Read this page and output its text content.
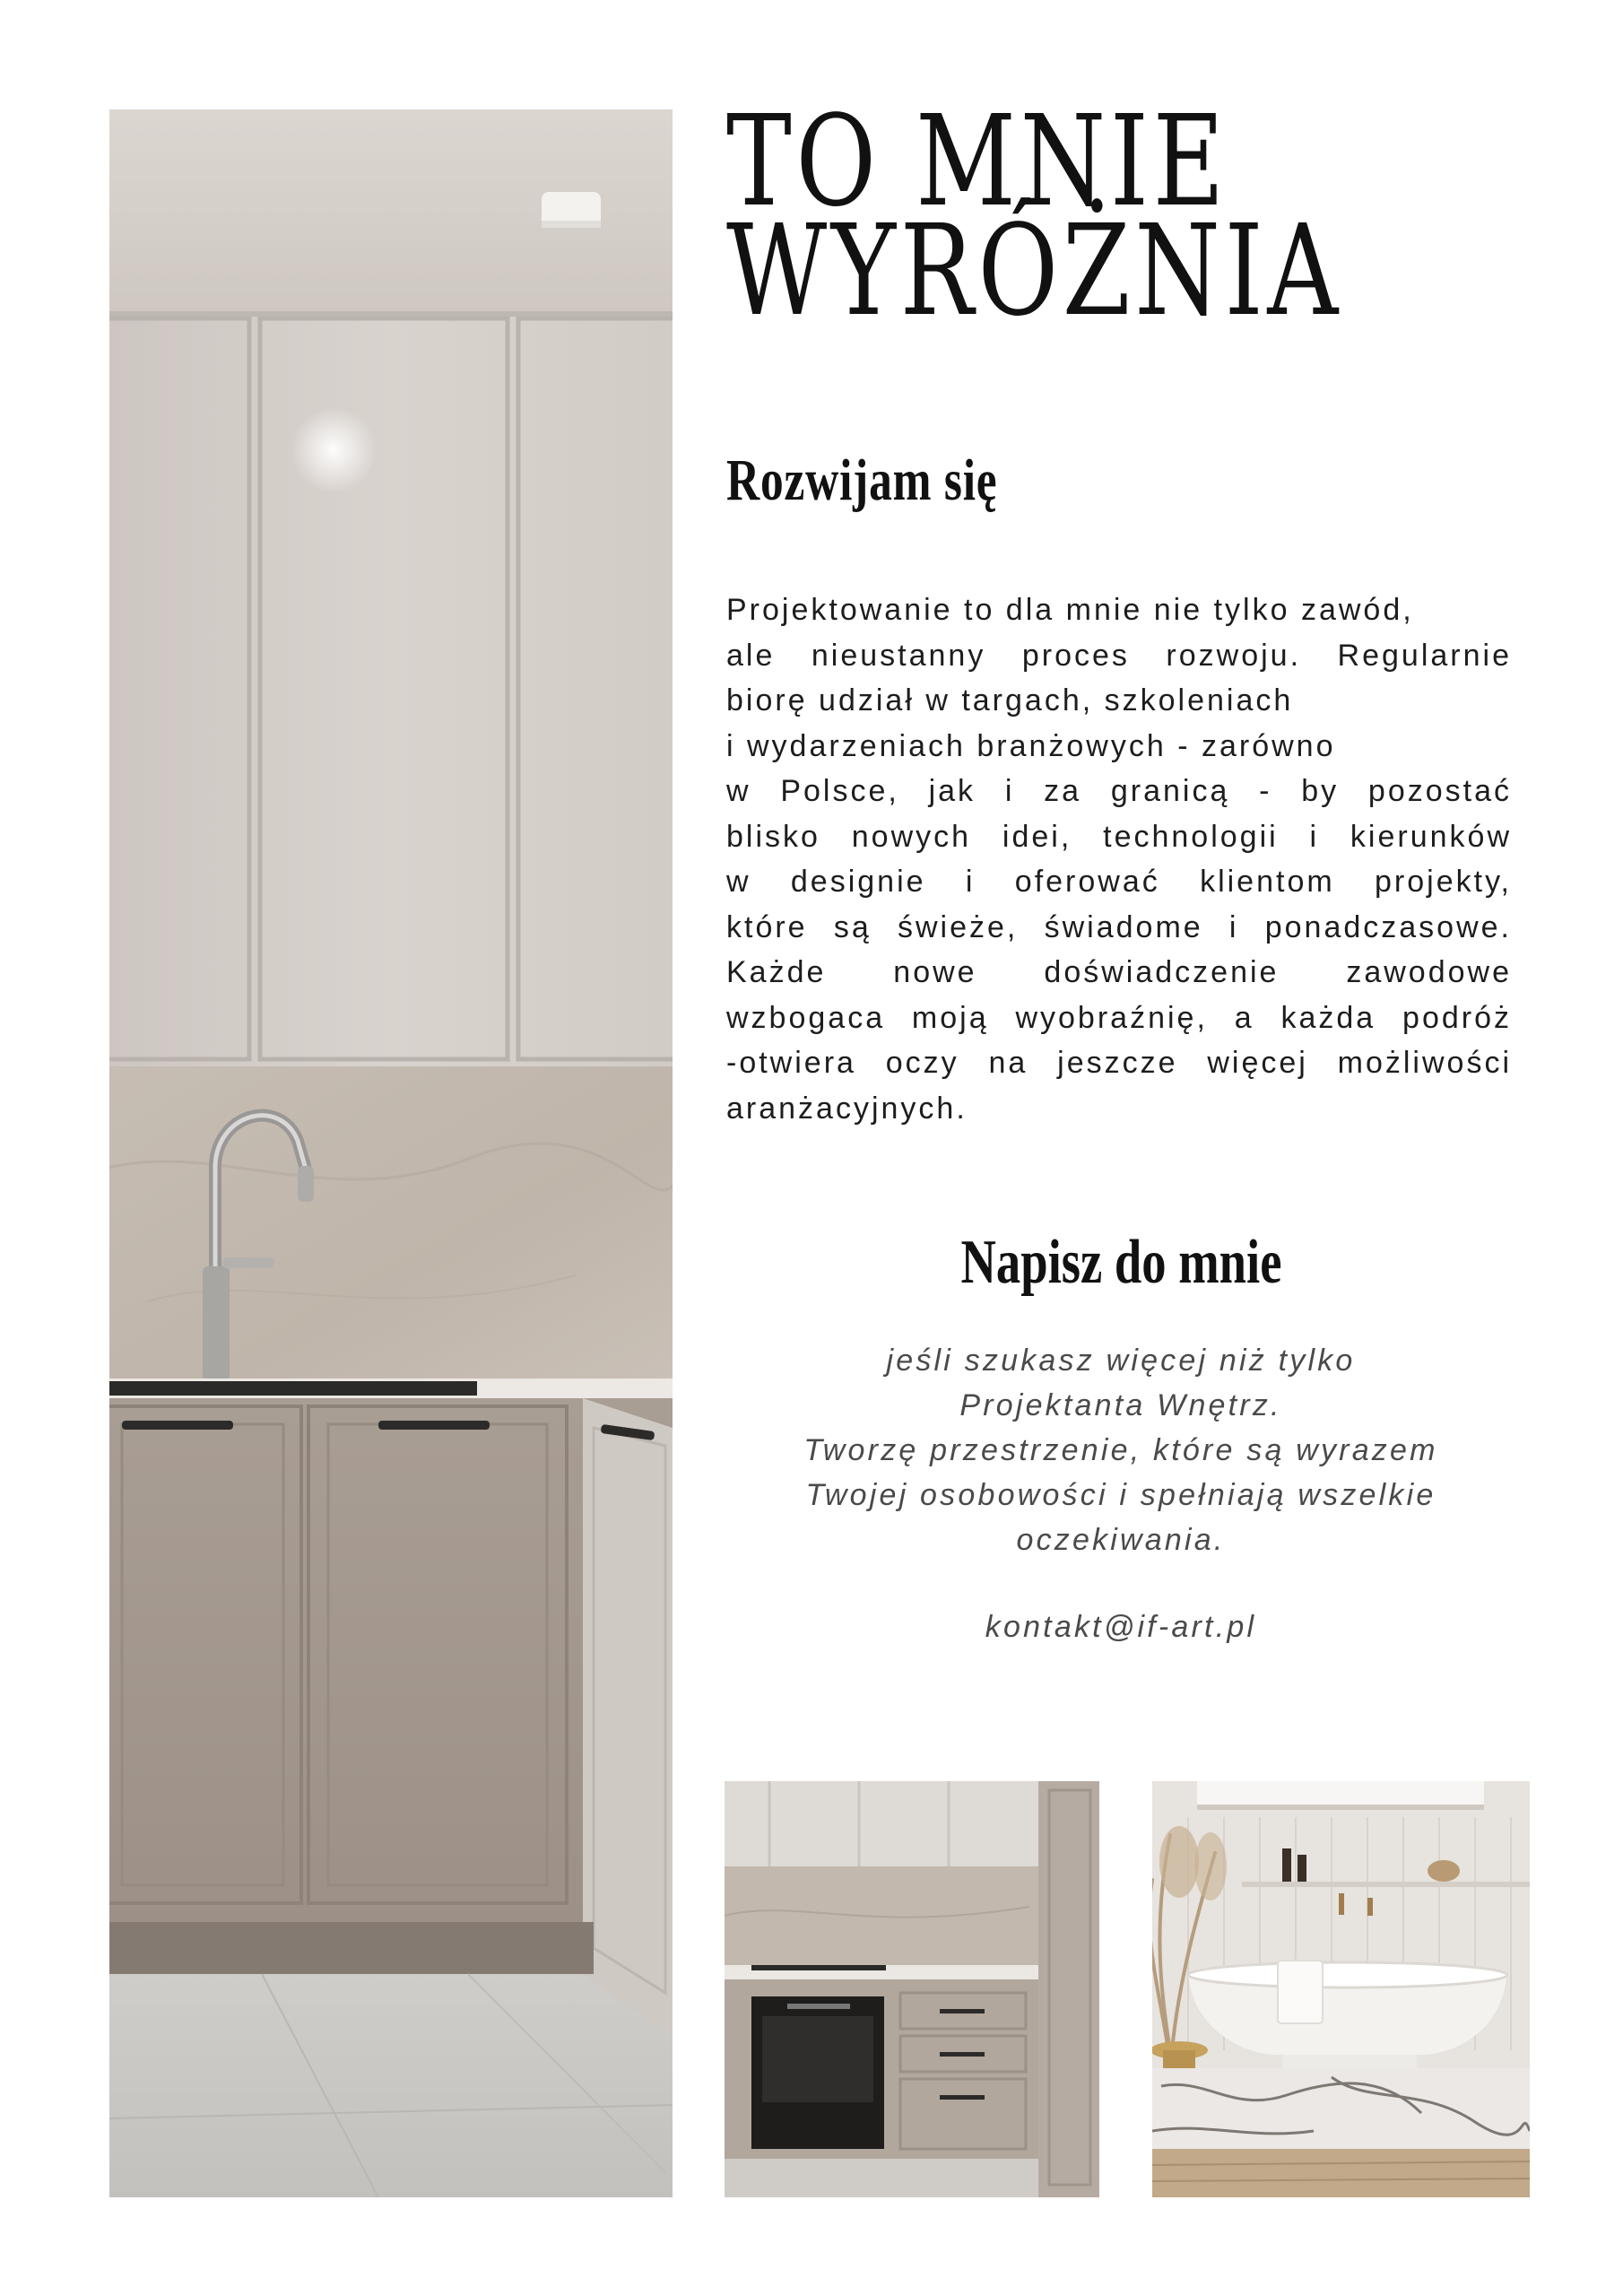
TO MNIE
WYRÓŻNIA
Rozwijam się
Projektowanie to dla mnie nie tylko zawód,
ale nieustanny proces rozwoju. Regularnie
biorę udział w targach, szkoleniach
i wydarzeniach branżowych - zarówno
w Polsce, jak i za granicą - by pozostać
blisko nowych idei, technologii i kierunków
w designie i oferować klientom projekty,
które są świeże, świadome i ponadczasowe.
Każde nowe doświadczenie zawodowe
wzbogaca moją wyobraźnię, a każda podróż
-otwiera oczy na jeszcze więcej możliwości
aranżacyjnych.
Napisz do mnie
jeśli szukasz więcej niż tylko
Projektanta Wnętrz.
Tworzę przestrzenie, które są wyrazem
Twojej osobowości i spełniają wszelkie
oczekiwania.
kontakt@if-art.pl
